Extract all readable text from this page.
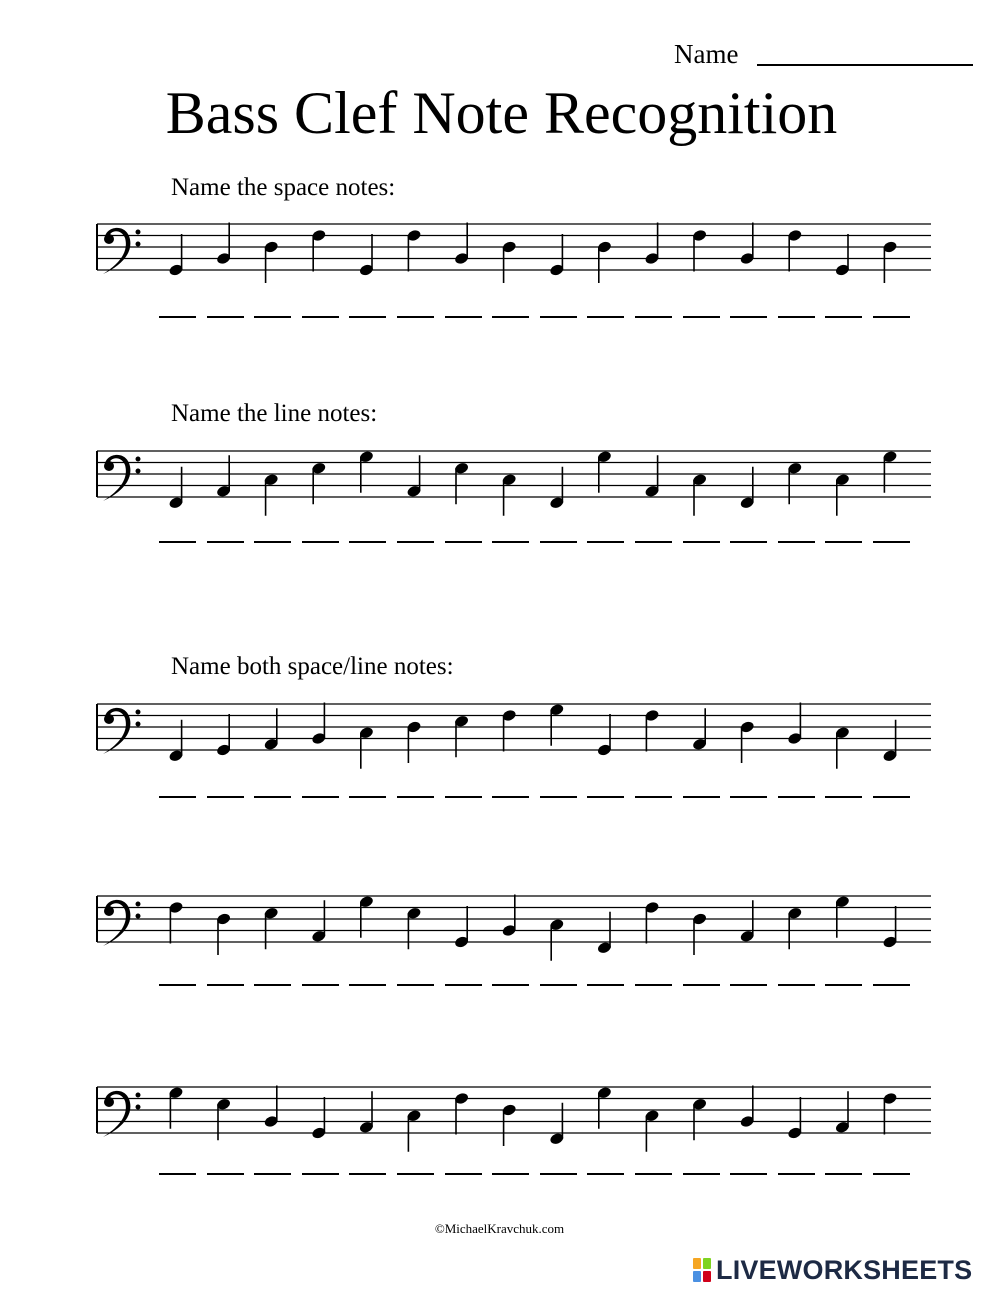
Name
Bass Clef Note Recognition
Name the space notes:
Name the line notes:
Name both space/line notes:
©MichaelKravchuk.com
LIVEWORKSHEETS
